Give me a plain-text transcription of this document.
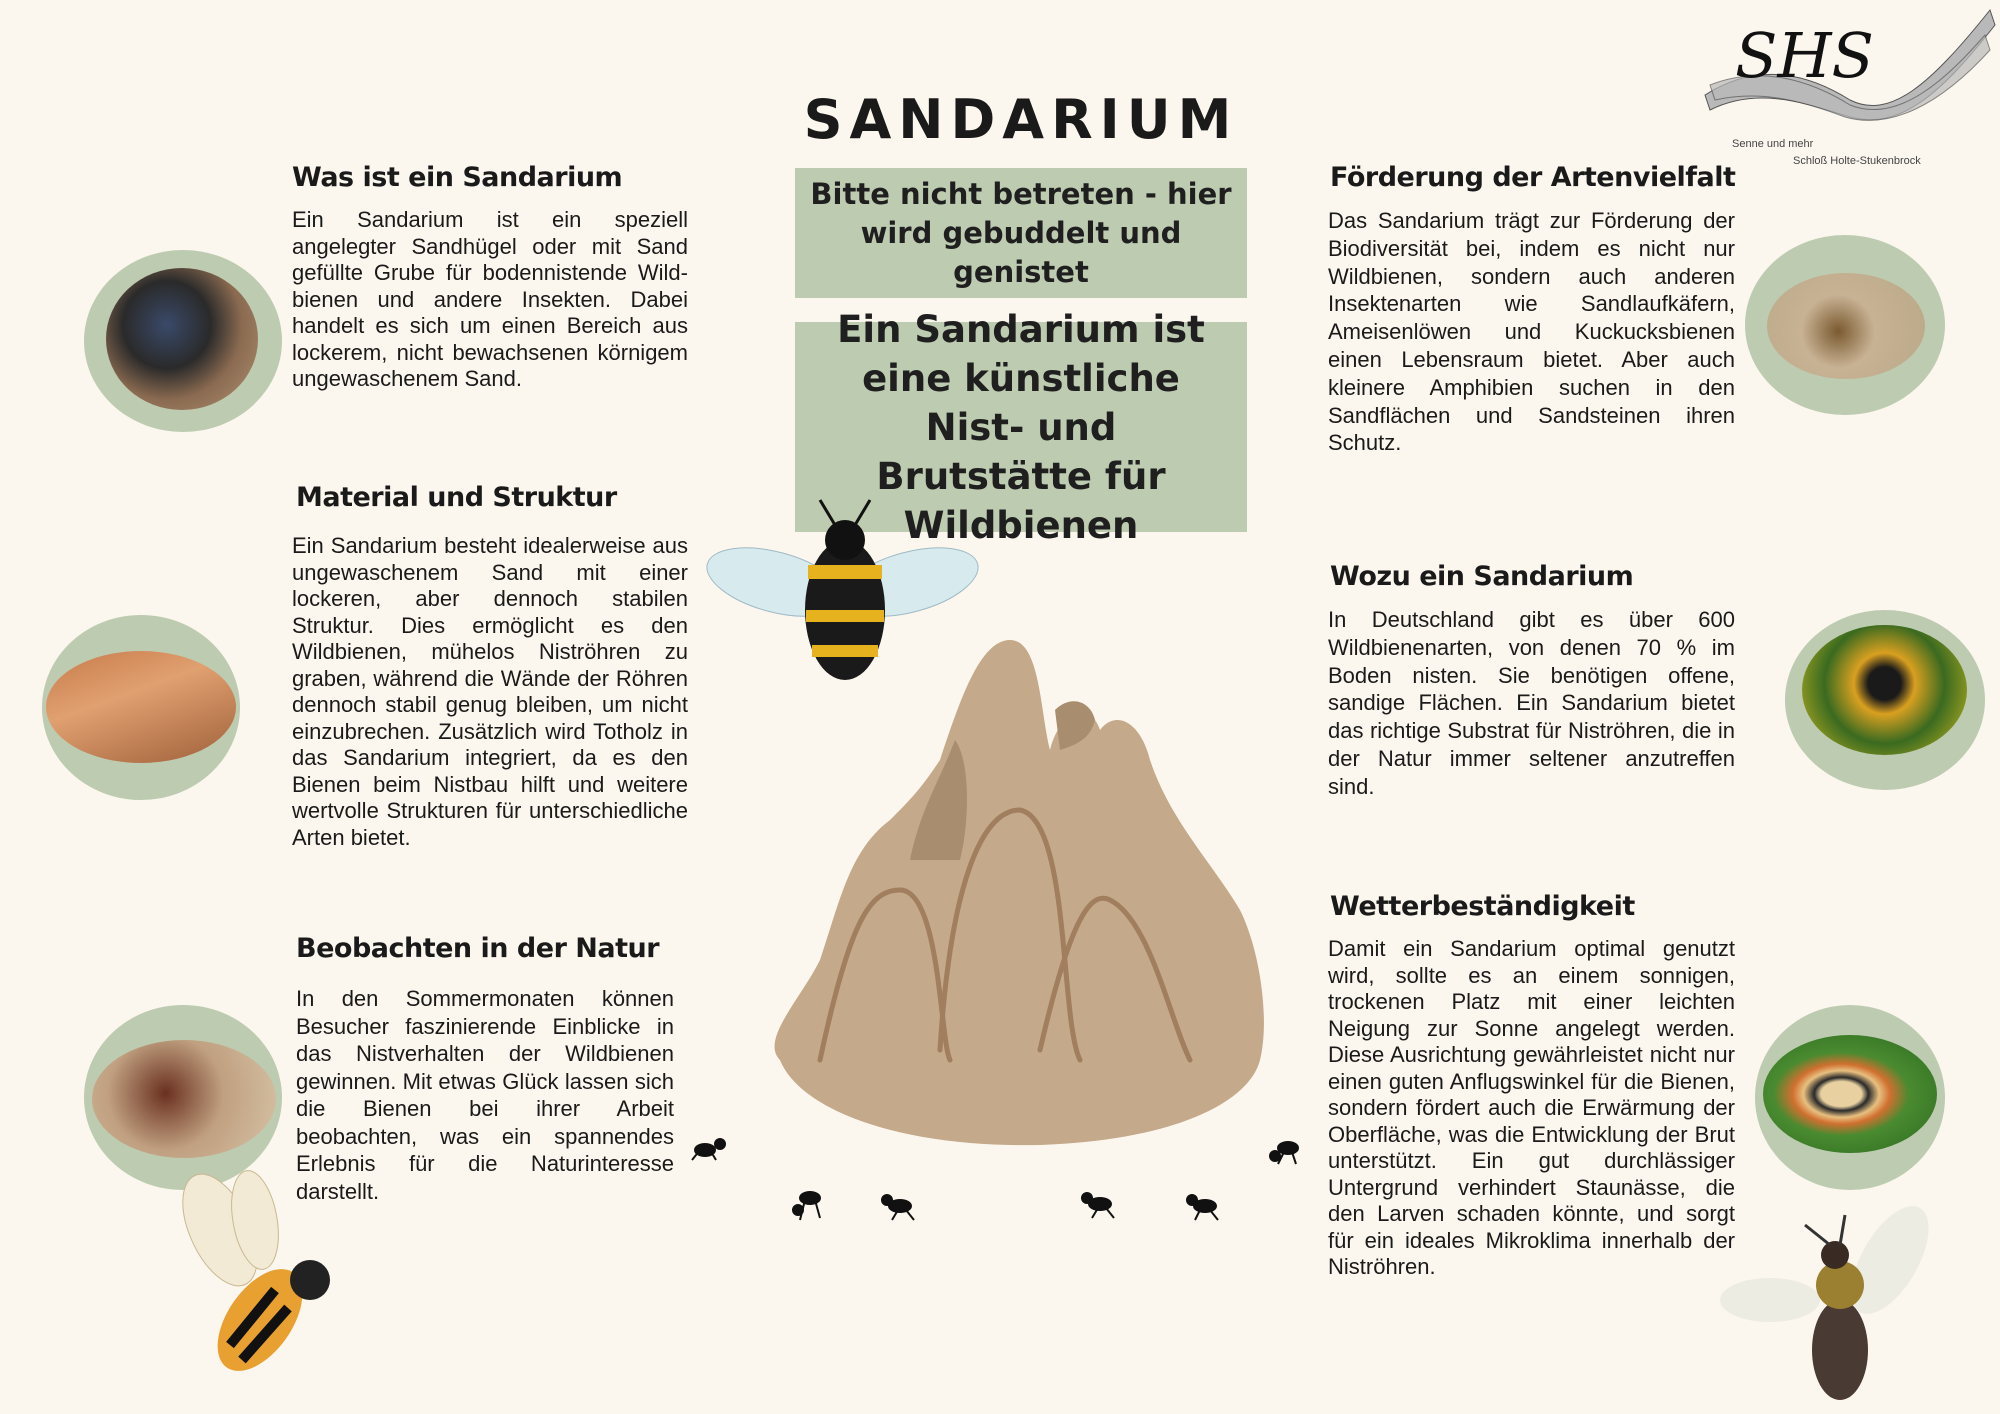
SHS
Senne und mehr
Schloß Holte-Stukenbrock
SANDARIUM
Was ist ein Sandarium
Ein Sandarium ist ein speziell angelegter Sandhügel oder mit Sand gefüllte Grube für bodennistende Wildbienen und andere Insekten. Dabei handelt es sich um einen Bereich aus lockerem, nicht bewachsenen körnigem ungewaschenem Sand.
Material und Struktur
Ein Sandarium besteht idealerweise aus ungewaschenem Sand mit einer lockeren, aber dennoch stabilen Struktur. Dies ermöglicht es den Wildbienen, mühelos Niströhren zu graben, während die Wände der Röhren dennoch stabil genug bleiben, um nicht einzubrechen. Zusätzlich wird Totholz in das Sandarium integriert, da es den Bienen beim Nistbau hilft und weitere wertvolle Strukturen für unterschiedliche Arten bietet.
Beobachten in der Natur
In den Sommermonaten können Besucher faszinierende Einblicke in das Nistverhalten der Wildbienen gewinnen. Mit etwas Glück lassen sich die Bienen bei ihrer Arbeit beobachten, was ein spannendes Erlebnis für die Naturinteresse darstellt.
Förderung der Artenvielfalt
Das Sandarium trägt zur Förderung der Biodiversität bei, indem es nicht nur Wildbienen, sondern auch anderen Insektenarten wie Sandlaufkäfern, Ameisenlöwen und Kuckucksbienen einen Lebensraum bietet. Aber auch kleinere Amphibien suchen in den Sandflächen und Sandsteinen ihren Schutz.
Wozu ein Sandarium
In Deutschland gibt es über 600 Wildbienenarten, von denen 70 % im Boden nisten. Sie benötigen offene, sandige Flächen. Ein Sandarium bietet das richtige Substrat für Niströhren, die in der Natur immer seltener anzutreffen sind.
Wetterbeständigkeit
Damit ein Sandarium optimal genutzt wird, sollte es an einem sonnigen, trockenen Platz mit einer leichten Neigung zur Sonne angelegt werden. Diese Ausrichtung gewährleistet nicht nur einen guten Anflugswinkel für die Bienen, sondern fördert auch die Erwärmung der Oberfläche, was die Entwicklung der Brut unterstützt. Ein gut durchlässiger Untergrund verhindert Staunässe, die den Larven schaden könnte, und sorgt für ein ideales Mikroklima innerhalb der Niströhren.
Bitte nicht betreten - hier wird gebuddelt und genistet
Ein Sandarium ist eine künstliche Nist- und Brutstätte für Wildbienen
